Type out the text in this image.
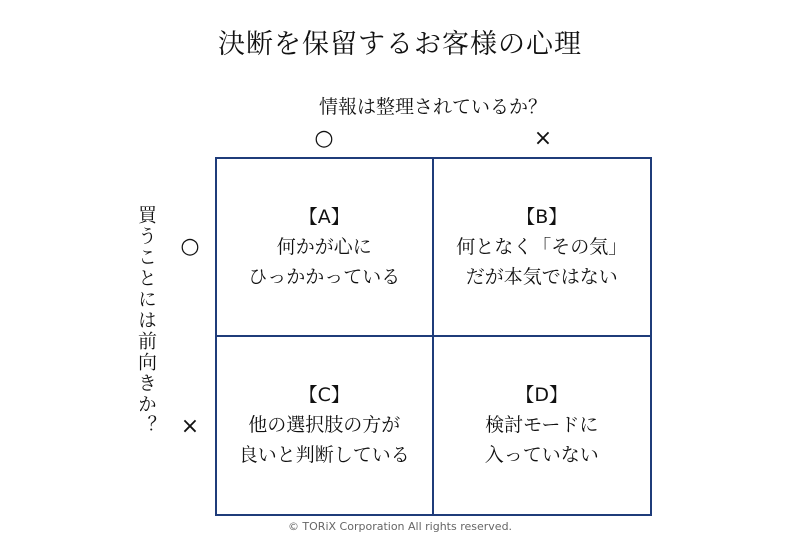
決断を保留するお客様の心理
情報は整理されているか？
○	×
買うことには前向きか？	○
×
【A】
何かが心に
ひっかかっている
【B】
何となく「その気」
だが本気ではない
【C】
他の選択肢の方が
良いと判断している
【D】
検討モードに
入っていない
© TORiX Corporation All rights reserved.
